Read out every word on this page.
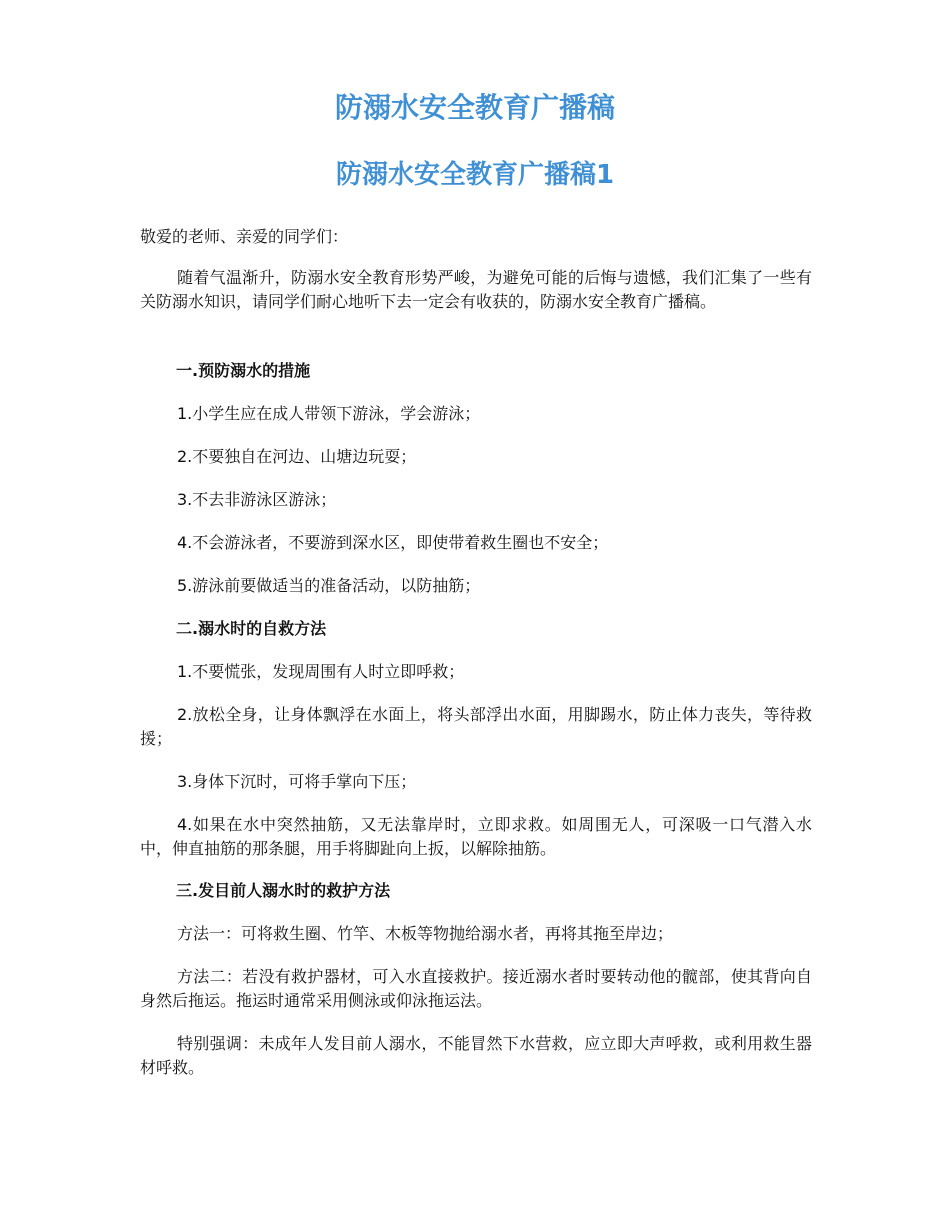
防溺水安全教育广播稿
防溺水安全教育广播稿1

敬爱的老师、亲爱的同学们：

随着气温渐升，防溺水安全教育形势严峻，为避免可能的后悔与遗憾，我们汇集了一些有关防溺水知识，请同学们耐心地听下去一定会有收获的，防溺水安全教育广播稿。

一.预防溺水的措施

1.小学生应在成人带领下游泳，学会游泳；

2.不要独自在河边、山塘边玩耍；

3.不去非游泳区游泳；

4.不会游泳者，不要游到深水区，即使带着救生圈也不安全；

5.游泳前要做适当的准备活动，以防抽筋；

二.溺水时的自救方法

1.不要慌张，发现周围有人时立即呼救；

2.放松全身，让身体飘浮在水面上，将头部浮出水面，用脚踢水，防止体力丧失，等待救援；

3.身体下沉时，可将手掌向下压；

4.如果在水中突然抽筋，又无法靠岸时，立即求救。如周围无人，可深吸一口气潜入水中，伸直抽筋的那条腿，用手将脚趾向上扳，以解除抽筋。

三.发目前人溺水时的救护方法

方法一：可将救生圈、竹竿、木板等物抛给溺水者，再将其拖至岸边；

方法二：若没有救护器材，可入水直接救护。接近溺水者时要转动他的髋部，使其背向自身然后拖运。拖运时通常采用侧泳或仰泳拖运法。

特别强调：未成年人发目前人溺水，不能冒然下水营救，应立即大声呼救，或利用救生器材呼救。
